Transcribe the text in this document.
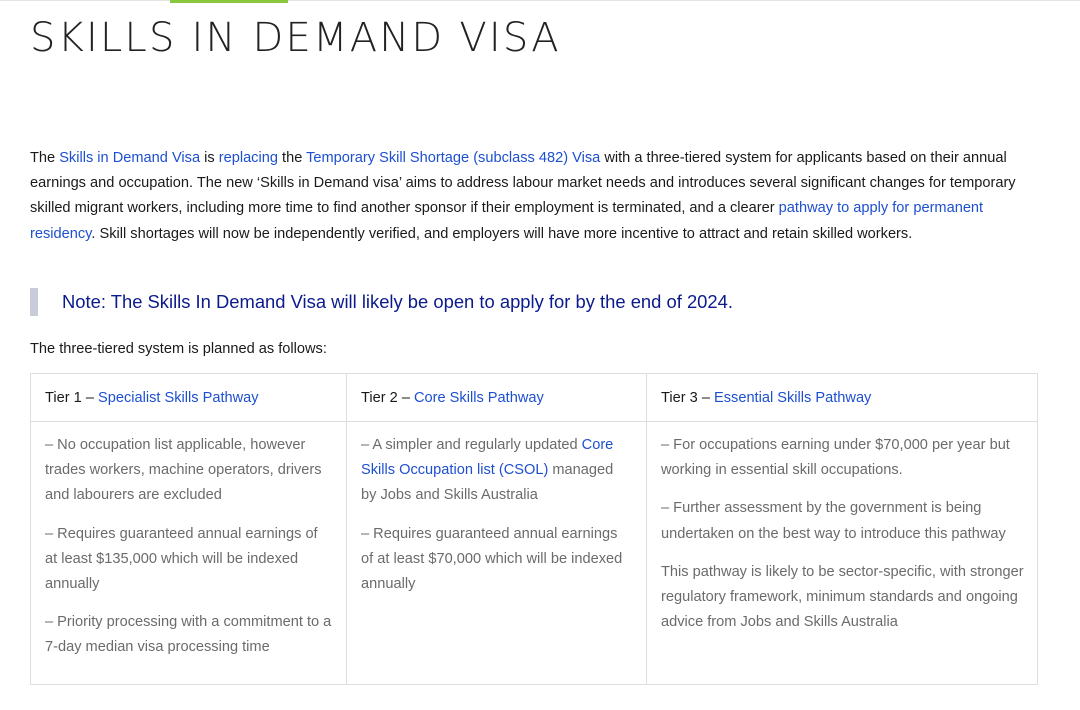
SKILLS IN DEMAND VISA
The Skills in Demand Visa is replacing the Temporary Skill Shortage (subclass 482) Visa with a three-tiered system for applicants based on their annual earnings and occupation. The new ‘Skills in Demand visa’ aims to address labour market needs and introduces several significant changes for temporary skilled migrant workers, including more time to find another sponsor if their employment is terminated, and a clearer pathway to apply for permanent residency. Skill shortages will now be independently verified, and employers will have more incentive to attract and retain skilled workers.
Note: The Skills In Demand Visa will likely be open to apply for by the end of 2024.

The three-tiered system is planned as follows:

Tier 1 – Specialist Skills Pathway

– No occupation list applicable, however trades workers, machine operators, drivers and labourers are excluded

– Requires guaranteed annual earnings of at least $135,000 which will be indexed annually

– Priority processing with a commitment to a 7-day median visa processing time

Tier 2 – Core Skills Pathway

– A simpler and regularly updated Core Skills Occupation list (CSOL) managed by Jobs and Skills Australia

– Requires guaranteed annual earnings of at least $70,000 which will be indexed annually

Tier 3 – Essential Skills Pathway

– For occupations earning under $70,000 per year but working in essential skill occupations.

– Further assessment by the government is being undertaken on the best way to introduce this pathway

This pathway is likely to be sector-specific, with stronger regulatory framework, minimum standards and ongoing advice from Jobs and Skills Australia
